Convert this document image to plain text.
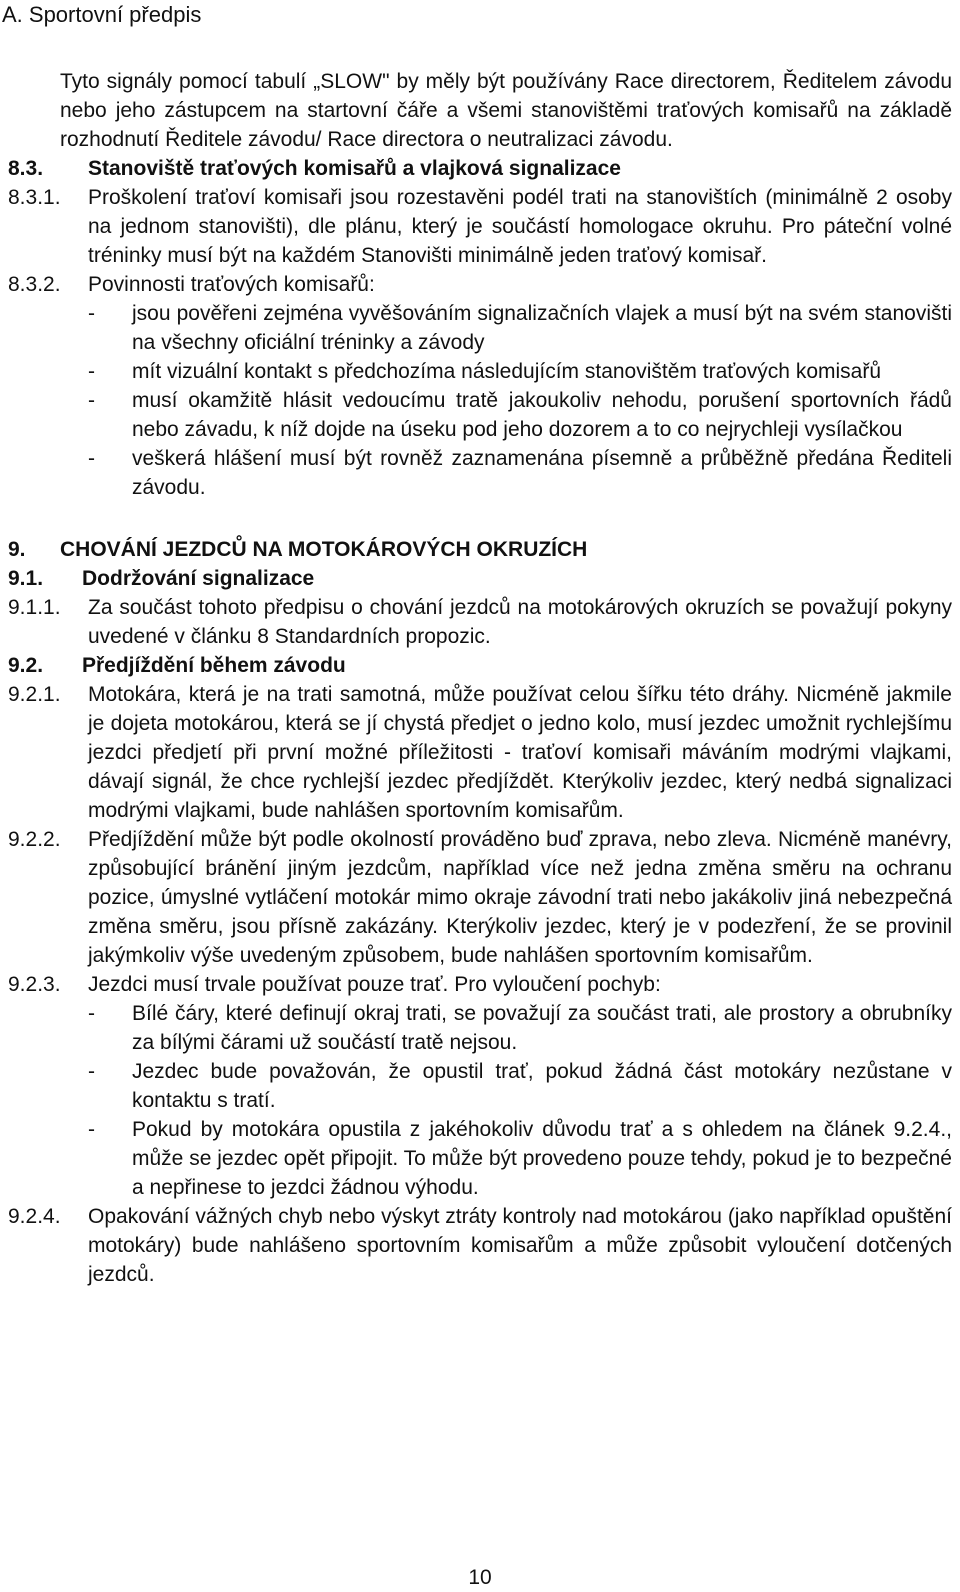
A. Sportovní předpis
Tyto signály pomocí tabulí „SLOW" by měly být používány Race directorem, Ředitelem závodu nebo jeho zástupcem na startovní čáře a všemi stanovištěmi traťových komisařů na základě rozhodnutí Ředitele závodu/ Race directora o neutralizaci závodu.
8.3.	Stanoviště traťových komisařů a vlajková signalizace
8.3.1.	Proškolení traťoví komisaři jsou rozestavěni podél trati na stanovištích (minimálně 2 osoby na jednom stanovišti), dle plánu, který je součástí homologace okruhu. Pro páteční volné tréninky musí být na každém Stanovišti minimálně jeden traťový komisař.
8.3.2.	Povinnosti traťových komisařů:
-	jsou pověřeni zejména vyvěšováním signalizačních vlajek a musí být na svém stanovišti na všechny oficiální tréninky a závody
-	mít vizuální kontakt s předchozíma následujícím stanovištěm traťových komisařů
-	musí okamžitě hlásit vedoucímu tratě jakoukoliv nehodu, porušení sportovních řádů nebo závadu, k níž dojde na úseku pod jeho dozorem a to co nejrychleji vysílačkou
-	veškerá hlášení musí být rovněž zaznamenána písemně a průběžně předána Řediteli závodu.
9.	CHOVÁNÍ JEZDCŮ NA MOTOKÁROVÝCH OKRUZÍCH
9.1.	Dodržování signalizace
9.1.1.	Za součást tohoto předpisu o chování jezdců na motokárových okruzích se považují pokyny uvedené v článku 8 Standardních propozic.
9.2.	Předjíždění během závodu
9.2.1.	Motokára, která je na trati samotná, může používat celou šířku této dráhy. Nicméně jakmile je dojeta motokárou, která se jí chystá předjet o jedno kolo, musí jezdec umožnit rychlejšímu jezdci předjetí při první možné příležitosti - traťoví komisaři máváním modrými vlajkami, dávají signál, že chce rychlejší jezdec předjíždět. Kterýkoliv jezdec, který nedbá signalizaci modrými vlajkami, bude nahlášen sportovním komisařům.
9.2.2.	Předjíždění může být podle okolností prováděno buď zprava, nebo zleva. Nicméně manévry, způsobující bránění jiným jezdcům, například více než jedna změna směru na ochranu pozice, úmyslné vytláčení motokár mimo okraje závodní trati nebo jakákoliv jiná nebezpečná změna směru, jsou přísně zakázány. Kterýkoliv jezdec, který je v podezření, že se provinil jakýmkoliv výše uvedeným způsobem, bude nahlášen sportovním komisařům.
9.2.3.	Jezdci musí trvale používat pouze trať. Pro vyloučení pochyb:
-	Bílé čáry, které definují okraj trati, se považují za součást trati, ale prostory a obrubníky za bílými čárami už součástí tratě nejsou.
-	Jezdec bude považován, že opustil trať, pokud žádná část motokáry nezůstane v kontaktu s tratí.
-	Pokud by motokára opustila z jakéhokoliv důvodu trať a s ohledem na článek 9.2.4., může se jezdec opět připojit. To může být provedeno pouze tehdy, pokud je to bezpečné a nepřinese to jezdci žádnou výhodu.
9.2.4.	Opakování vážných chyb nebo výskyt ztráty kontroly nad motokárou (jako například opuštění motokáry) bude nahlášeno sportovním komisařům a může způsobit vyloučení dotčených jezdců.
10
